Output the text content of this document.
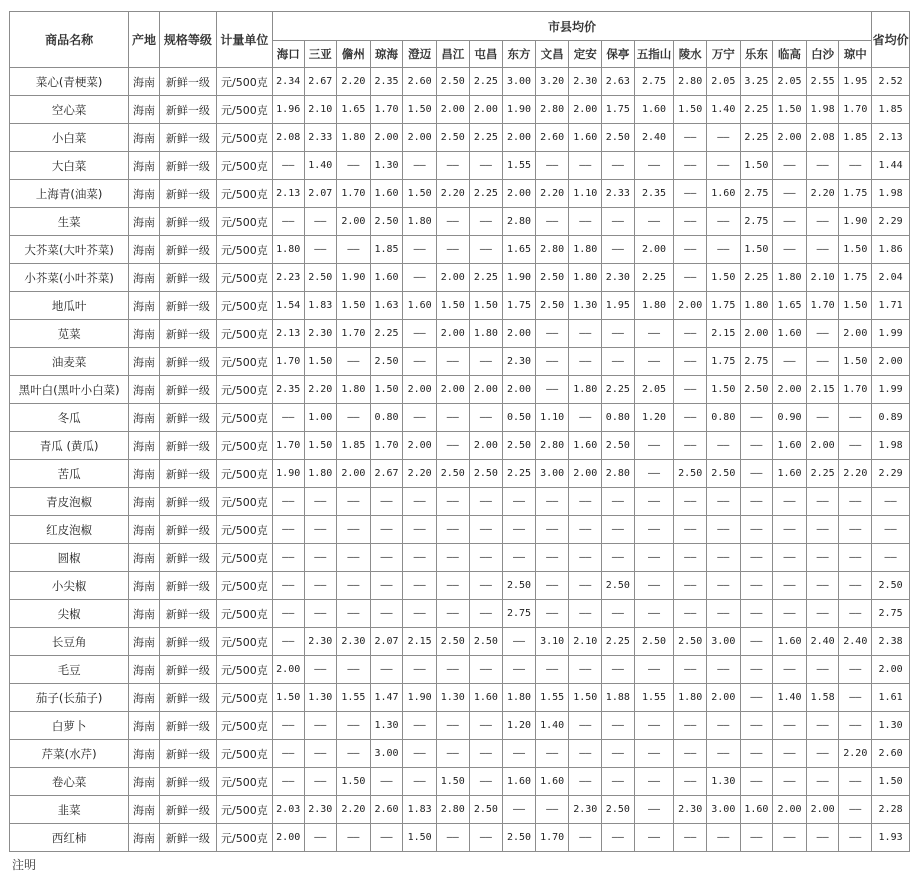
商品名称	产地	规格等级	计量单位	市县均价																		省均价
				海口	三亚	儋州	琼海	澄迈	昌江	屯昌	东方	文昌	定安	保亭	五指山	陵水	万宁	乐东	临高	白沙	琼中	
菜心(青梗菜)	海南	新鲜一级	元/500克	2.34	2.67	2.20	2.35	2.60	2.50	2.25	3.00	3.20	2.30	2.63	2.75	2.80	2.05	3.25	2.05	2.55	1.95	2.52
空心菜	海南	新鲜一级	元/500克	1.96	2.10	1.65	1.70	1.50	2.00	2.00	1.90	2.80	2.00	1.75	1.60	1.50	1.40	2.25	1.50	1.98	1.70	1.85
小白菜	海南	新鲜一级	元/500克	2.08	2.33	1.80	2.00	2.00	2.50	2.25	2.00	2.60	1.60	2.50	2.40	——	——	2.25	2.00	2.08	1.85	2.13
大白菜	海南	新鲜一级	元/500克	——	1.40	——	1.30	——	——	——	1.55	——	——	——	——	——	——	1.50	——	——	——	1.44
上海青(油菜)	海南	新鲜一级	元/500克	2.13	2.07	1.70	1.60	1.50	2.20	2.25	2.00	2.20	1.10	2.33	2.35	——	1.60	2.75	——	2.20	1.75	1.98
生菜	海南	新鲜一级	元/500克	——	——	2.00	2.50	1.80	——	——	2.80	——	——	——	——	——	——	2.75	——	——	1.90	2.29
大芥菜(大叶芥菜)	海南	新鲜一级	元/500克	1.80	——	——	1.85	——	——	——	1.65	2.80	1.80	——	2.00	——	——	1.50	——	——	1.50	1.86
小芥菜(小叶芥菜)	海南	新鲜一级	元/500克	2.23	2.50	1.90	1.60	——	2.00	2.25	1.90	2.50	1.80	2.30	2.25	——	1.50	2.25	1.80	2.10	1.75	2.04
地瓜叶	海南	新鲜一级	元/500克	1.54	1.83	1.50	1.63	1.60	1.50	1.50	1.75	2.50	1.30	1.95	1.80	2.00	1.75	1.80	1.65	1.70	1.50	1.71
苋菜	海南	新鲜一级	元/500克	2.13	2.30	1.70	2.25	——	2.00	1.80	2.00	——	——	——	——	——	2.15	2.00	1.60	——	2.00	1.99
油麦菜	海南	新鲜一级	元/500克	1.70	1.50	——	2.50	——	——	——	2.30	——	——	——	——	——	1.75	2.75	——	——	1.50	2.00
黑叶白(黑叶小白菜)	海南	新鲜一级	元/500克	2.35	2.20	1.80	1.50	2.00	2.00	2.00	2.00	——	1.80	2.25	2.05	——	1.50	2.50	2.00	2.15	1.70	1.99
冬瓜	海南	新鲜一级	元/500克	——	1.00	——	0.80	——	——	——	0.50	1.10	——	0.80	1.20	——	0.80	——	0.90	——	——	0.89
青瓜 (黄瓜)	海南	新鲜一级	元/500克	1.70	1.50	1.85	1.70	2.00	——	2.00	2.50	2.80	1.60	2.50	——	——	——	——	1.60	2.00	——	1.98
苦瓜	海南	新鲜一级	元/500克	1.90	1.80	2.00	2.67	2.20	2.50	2.50	2.25	3.00	2.00	2.80	——	2.50	2.50	——	1.60	2.25	2.20	2.29
青皮泡椒	海南	新鲜一级	元/500克	——	——	——	——	——	——	——	——	——	——	——	——	——	——	——	——	——	——	——
红皮泡椒	海南	新鲜一级	元/500克	——	——	——	——	——	——	——	——	——	——	——	——	——	——	——	——	——	——	——
圆椒	海南	新鲜一级	元/500克	——	——	——	——	——	——	——	——	——	——	——	——	——	——	——	——	——	——	——
小尖椒	海南	新鲜一级	元/500克	——	——	——	——	——	——	——	2.50	——	——	2.50	——	——	——	——	——	——	——	2.50
尖椒	海南	新鲜一级	元/500克	——	——	——	——	——	——	——	2.75	——	——	——	——	——	——	——	——	——	——	2.75
长豆角	海南	新鲜一级	元/500克	——	2.30	2.30	2.07	2.15	2.50	2.50	——	3.10	2.10	2.25	2.50	2.50	3.00	——	1.60	2.40	2.40	2.38
毛豆	海南	新鲜一级	元/500克	2.00	——	——	——	——	——	——	——	——	——	——	——	——	——	——	——	——	——	2.00
茄子(长茄子)	海南	新鲜一级	元/500克	1.50	1.30	1.55	1.47	1.90	1.30	1.60	1.80	1.55	1.50	1.88	1.55	1.80	2.00	——	1.40	1.58	——	1.61
白萝卜	海南	新鲜一级	元/500克	——	——	——	1.30	——	——	——	1.20	1.40	——	——	——	——	——	——	——	——	——	1.30
芹菜(水芹)	海南	新鲜一级	元/500克	——	——	——	3.00	——	——	——	——	——	——	——	——	——	——	——	——	——	2.20	2.60
卷心菜	海南	新鲜一级	元/500克	——	——	1.50	——	——	1.50	——	1.60	1.60	——	——	——	——	1.30	——	——	——	——	1.50
韭菜	海南	新鲜一级	元/500克	2.03	2.30	2.20	2.60	1.83	2.80	2.50	——	——	2.30	2.50	——	2.30	3.00	1.60	2.00	2.00	——	2.28
西红柿	海南	新鲜一级	元/500克	2.00	——	——	——	1.50	——	——	2.50	1.70	——	——	——	——	——	——	——	——	——	1.93
注明
